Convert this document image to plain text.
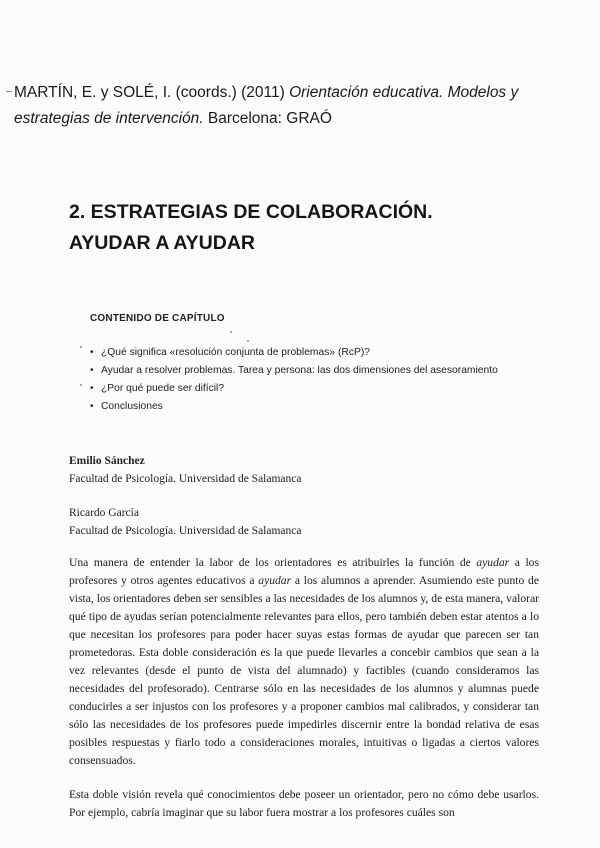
MARTÍN, E. y SOLÉ, I. (coords.) (2011) Orientación educativa. Modelos y estrategias de intervención. Barcelona: GRAÓ

2. ESTRATEGIAS DE COLABORACIÓN.
AYUDAR A AYUDAR
CONTENIDO DE CAPÍTULO
• ¿Qué significa «resolución conjunta de problemas» (RcP)?
• Ayudar a resolver problemas. Tarea y persona: las dos dimensiones del asesoramiento
• ¿Por qué puede ser difícil?
• Conclusiones
Emilio Sánchez
Facultad de Psicología. Universidad de Salamanca
Ricardo García
Facultad de Psicología. Universidad de Salamanca

Una manera de entender la labor de los orientadores es atribuirles la función de ayudar a los profesores y otros agentes educativos a ayudar a los alumnos a aprender. Asumiendo este punto de vista, los orientadores deben ser sensibles a las necesidades de los alumnos y, de esta manera, valorar qué tipo de ayudas serían potencialmente relevantes para ellos, pero también deben estar atentos a lo que necesitan los profesores para poder hacer suyas estas formas de ayudar que parecen ser tan prometedoras. Esta doble consideración es la que puede llevarles a concebir cambios que sean a la vez relevantes (desde el punto de vista del alumnado) y factibles (cuando consideramos las necesidades del profesorado). Centrarse sólo en las necesidades de los alumnos y alumnas puede conducirles a ser injustos con los profesores y a proponer cambios mal calibrados, y considerar tan sólo las necesidades de los profesores puede impedirles discernir entre la bondad relativa de esas posibles respuestas y fiarlo todo a consideraciones morales, intuitivas o ligadas a ciertos valores consensuados.

Esta doble visión revela qué conocimientos debe poseer un orientador, pero no cómo debe usarlos. Por ejemplo, cabría imaginar que su labor fuera mostrar a los profesores cuáles son
